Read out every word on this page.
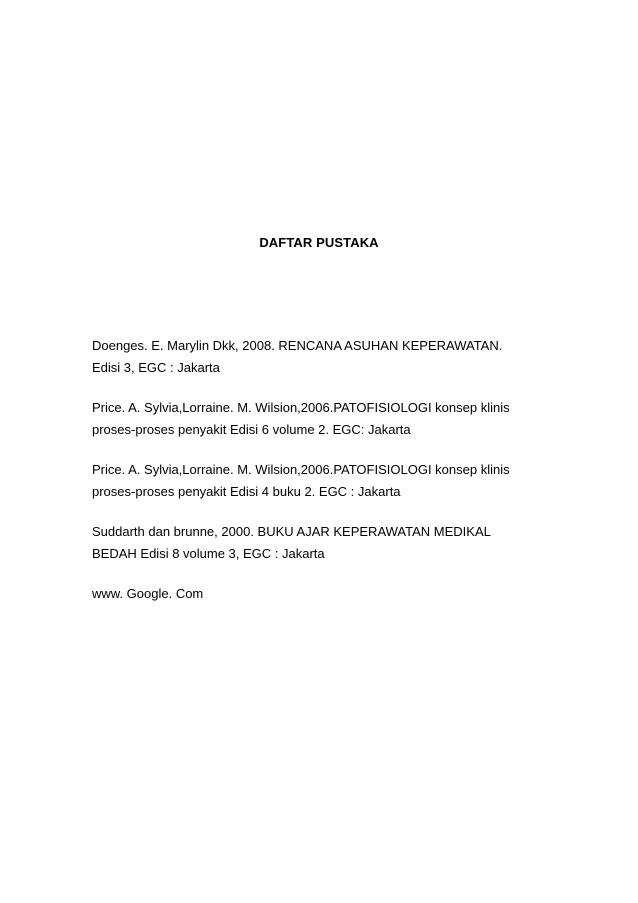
DAFTAR PUSTAKA
Doenges. E. Marylin Dkk, 2008. RENCANA ASUHAN KEPERAWATAN.
Edisi 3, EGC : Jakarta
Price. A. Sylvia,Lorraine. M. Wilsion,2006.PATOFISIOLOGI konsep klinis
proses-proses penyakit Edisi 6 volume 2. EGC: Jakarta
Price. A. Sylvia,Lorraine. M. Wilsion,2006.PATOFISIOLOGI konsep klinis
proses-proses penyakit Edisi 4 buku 2. EGC : Jakarta
Suddarth dan brunne, 2000. BUKU AJAR KEPERAWATAN MEDIKAL
BEDAH Edisi 8 volume 3, EGC : Jakarta
www. Google. Com
